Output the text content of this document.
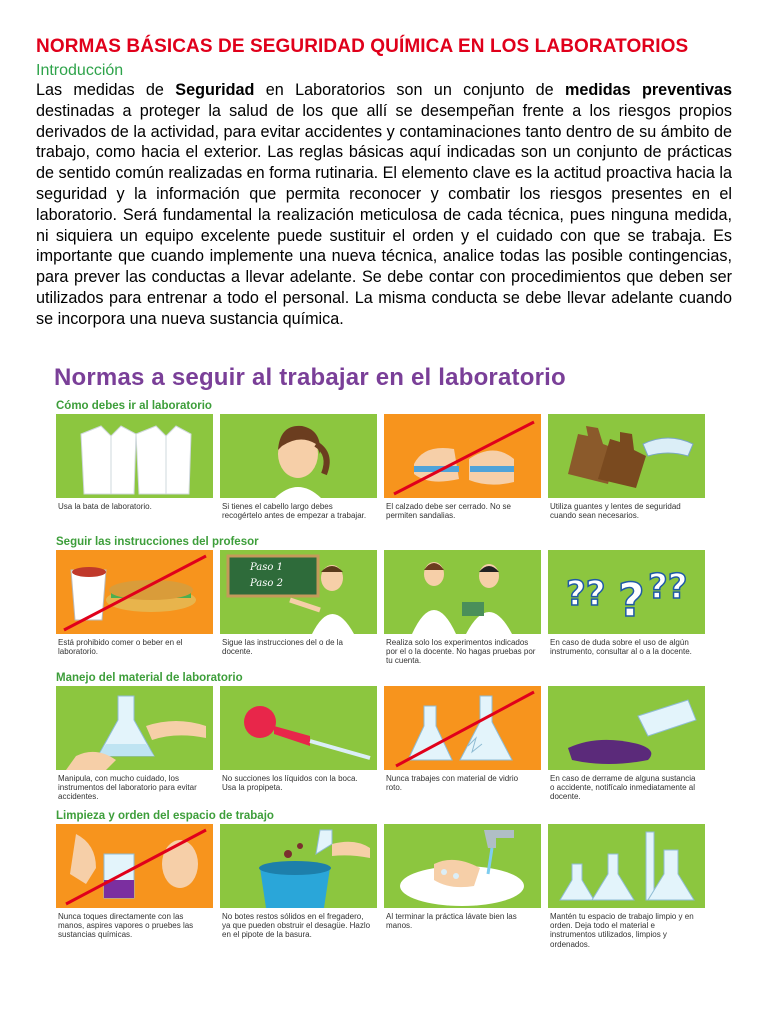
NORMAS BÁSICAS DE SEGURIDAD QUÍMICA EN LOS LABORATORIOS
Introducción
Las medidas de Seguridad en Laboratorios son un conjunto de medidas preventivas destinadas a proteger la salud de los que allí se desempeñan frente a los riesgos propios derivados de la actividad, para evitar accidentes y contaminaciones tanto dentro de su ámbito de trabajo, como hacia el exterior. Las reglas básicas aquí indicadas son un conjunto de prácticas de sentido común realizadas en forma rutinaria. El elemento clave es la actitud proactiva hacia la seguridad y la información que permita reconocer y combatir los riesgos presentes en el laboratorio. Será fundamental la realización meticulosa de cada técnica, pues ninguna medida, ni siquiera un equipo excelente puede sustituir el orden y el cuidado con que se trabaja. Es importante que cuando implemente una nueva técnica, analice todas las posible contingencias, para prever las conductas a llevar adelante. Se debe contar con procedimientos que deben ser utilizados para entrenar a todo el personal. La misma conducta se debe llevar adelante cuando se incorpora una nueva sustancia química.
Normas a seguir al trabajar en el laboratorio
Cómo debes ir al laboratorio
Usa la bata de laboratorio.	Si tienes el cabello largo debes recogértelo antes de empezar a trabajar.
El calzado debe ser cerrado. No se permiten sandalias.
Utiliza guantes y lentes de seguridad cuando sean necesarios.
Seguir las instrucciones del profesor
Está prohibido comer o beber en el laboratorio.
Paso 1
Paso 2
Sigue las instrucciones del o de la docente.
Realiza solo los experimentos indicados por el o la docente. No hagas pruebas por tu cuenta.
?? ? ??
En caso de duda sobre el uso de algún instrumento, consultar al o a la docente.
Manejo del material de laboratorio
Manipula, con mucho cuidado, los instrumentos del laboratorio para evitar accidentes.
No succiones los líquidos con la boca. Usa la propipeta.
Nunca trabajes con material de vidrio roto.
En caso de derrame de alguna sustancia o accidente, notifícalo inmediatamente al docente.
Limpieza y orden del espacio de trabajo
Nunca toques directamente con las manos, aspires vapores o pruebes las sustancias químicas.
No botes restos sólidos en el fregadero, ya que pueden obstruir el desagüe. Hazlo en el pipote de la basura.
Al terminar la práctica lávate bien las manos.
Mantén tu espacio de trabajo limpio y en orden. Deja todo el material e instrumentos utilizados, limpios y ordenados.
